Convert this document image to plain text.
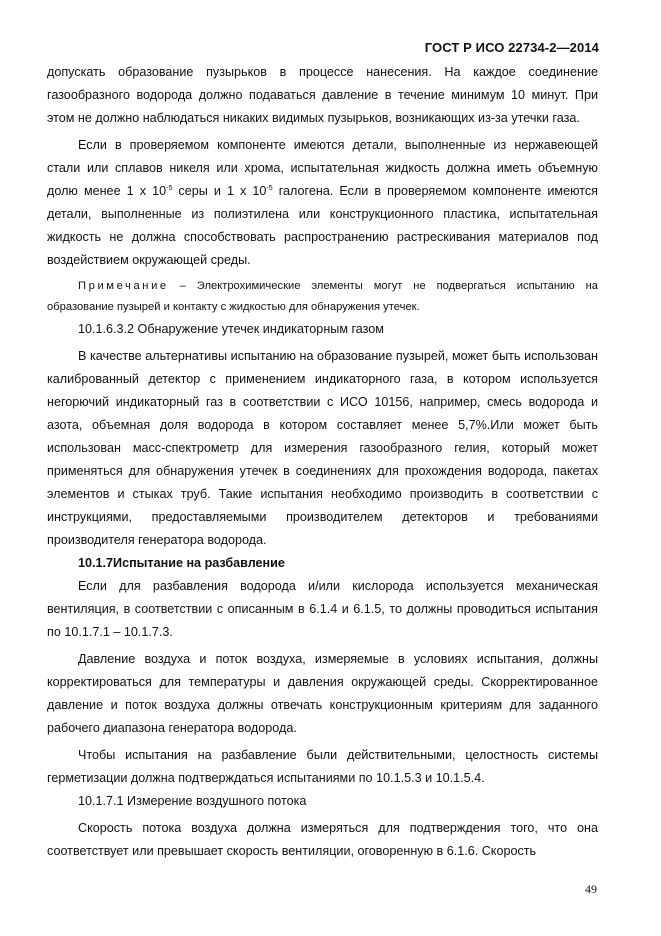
ГОСТ Р ИСО 22734-2—2014

допускать образование пузырьков в процессе нанесения. На каждое соединение газообразного водорода должно подаваться давление в течение минимум 10 минут. При этом не должно наблюдаться никаких видимых пузырьков, возникающих из-за утечки газа.

Если в проверяемом компоненте имеются детали, выполненные из нержавеющей стали или сплавов никеля или хрома, испытательная жидкость должна иметь объемную долю менее 1 x $10^{-5}$ серы и 1 x $10^{-5}$ галогена. Если в проверяемом компоненте имеются детали, выполненные из полиэтилена или конструкционного пластика, испытательная жидкость не должна способствовать распространению растрескивания материалов под воздействием окружающей среды.

Примечание – Электрохимические элементы могут не подвергаться испытанию на образование пузырей и контакту с жидкостью для обнаружения утечек.

10.1.6.3.2 Обнаружение утечек индикаторным газом

В качестве альтернативы испытанию на образование пузырей, может быть использован калиброванный детектор с применением индикаторного газа, в котором используется негорючий индикаторный газ в соответствии с ИСО 10156, например, смесь водорода и азота, объемная доля водорода в котором составляет менее 5,7%.Или может быть использован масс-спектрометр для измерения газообразного гелия, который может применяться для обнаружения утечек в соединениях для прохождения водорода, пакетах элементов и стыках труб. Такие испытания необходимо производить в соответствии с инструкциями, предоставляемыми производителем детекторов и требованиями производителя генератора водорода.

10.1.7Испытание на разбавление

Если для разбавления водорода и/или кислорода используется механическая вентиляция, в соответствии с описанным в 6.1.4 и 6.1.5, то должны проводиться испытания по 10.1.7.1 – 10.1.7.3.

Давление воздуха и поток воздуха, измеряемые в условиях испытания, должны корректироваться для температуры и давления окружающей среды. Скорректированное давление и поток воздуха должны отвечать конструкционным критериям для заданного рабочего диапазона генератора водорода.

Чтобы испытания на разбавление были действительными, целостность системы герметизации должна подтверждаться испытаниями по 10.1.5.3 и 10.1.5.4.

10.1.7.1 Измерение воздушного потока

Скорость потока воздуха должна измеряться для подтверждения того, что она соответствует или превышает скорость вентиляции, оговоренную в 6.1.6. Скорость

49
